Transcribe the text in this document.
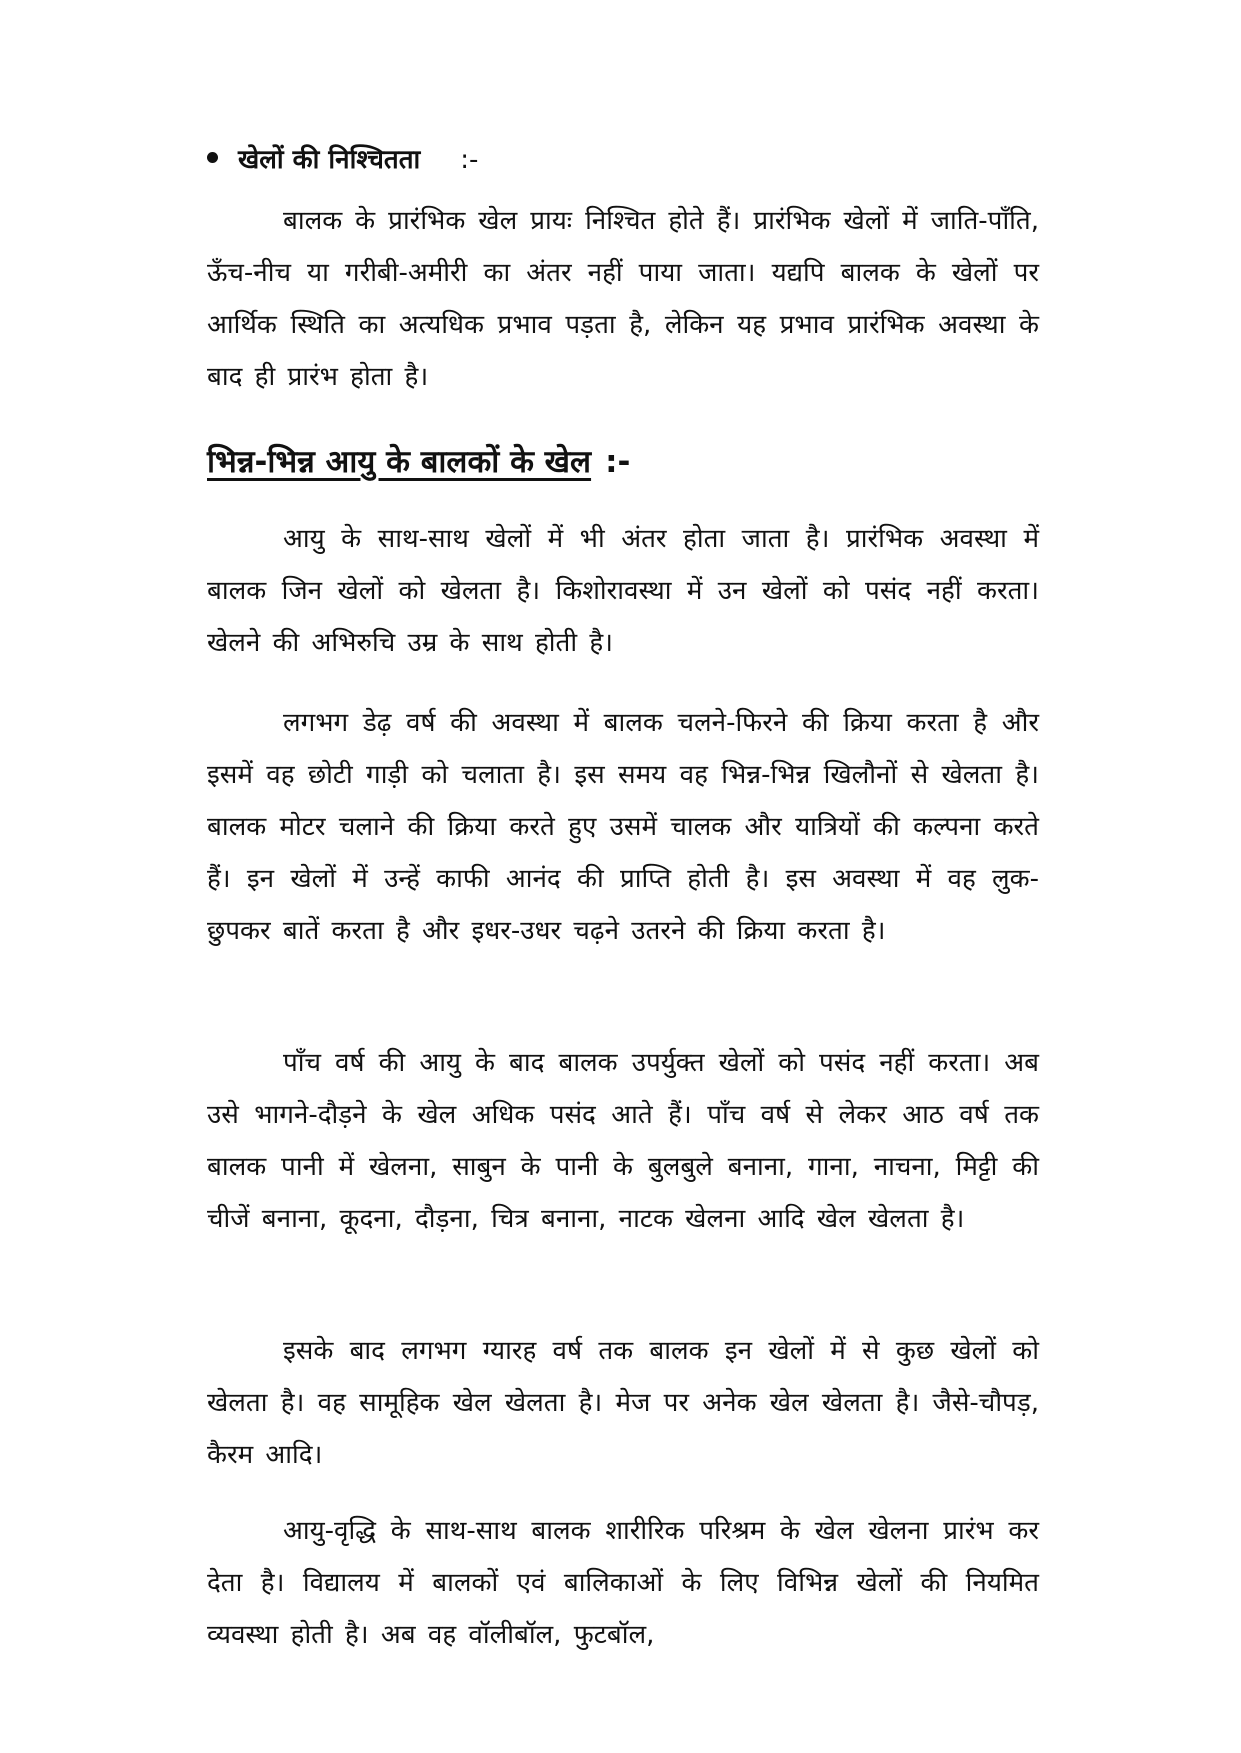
खेलों की निश्चितता :-

बालक के प्रारंभिक खेल प्रायः निश्चित होते हैं। प्रारंभिक खेलों में जाति-पाँति, ऊँच-नीच या गरीबी-अमीरी का अंतर नहीं पाया जाता। यद्यपि बालक के खेलों पर आर्थिक स्थिति का अत्यधिक प्रभाव पड़ता है, लेकिन यह प्रभाव प्रारंभिक अवस्था के बाद ही प्रारंभ होता है।

भिन्न-भिन्न आयु के बालकों के खेल :-

आयु के साथ-साथ खेलों में भी अंतर होता जाता है। प्रारंभिक अवस्था में बालक जिन खेलों को खेलता है। किशोरावस्था में उन खेलों को पसंद नहीं करता। खेलने की अभिरुचि उम्र के साथ होती है।

लगभग डेढ़ वर्ष की अवस्था में बालक चलने-फिरने की क्रिया करता है और इसमें वह छोटी गाड़ी को चलाता है। इस समय वह भिन्न-भिन्न खिलौनों से खेलता है। बालक मोटर चलाने की क्रिया करते हुए उसमें चालक और यात्रियों की कल्पना करते हैं। इन खेलों में उन्हें काफी आनंद की प्राप्ति होती है। इस अवस्था में वह लुक-छुपकर बातें करता है और इधर-उधर चढ़ने उतरने की क्रिया करता है।

पाँच वर्ष की आयु के बाद बालक उपर्युक्त खेलों को पसंद नहीं करता। अब उसे भागने-दौड़ने के खेल अधिक पसंद आते हैं। पाँच वर्ष से लेकर आठ वर्ष तक बालक पानी में खेलना, साबुन के पानी के बुलबुले बनाना, गाना, नाचना, मिट्टी की चीजें बनाना, कूदना, दौड़ना, चित्र बनाना, नाटक खेलना आदि खेल खेलता है।

इसके बाद लगभग ग्यारह वर्ष तक बालक इन खेलों में से कुछ खेलों को खेलता है। वह सामूहिक खेल खेलता है। मेज पर अनेक खेल खेलता है। जैसे-चौपड़, कैरम आदि।

आयु-वृद्धि के साथ-साथ बालक शारीरिक परिश्रम के खेल खेलना प्रारंभ कर देता है। विद्यालय में बालकों एवं बालिकाओं के लिए विभिन्न खेलों की नियमित व्यवस्था होती है। अब वह वॉलीबॉल, फुटबॉल,
